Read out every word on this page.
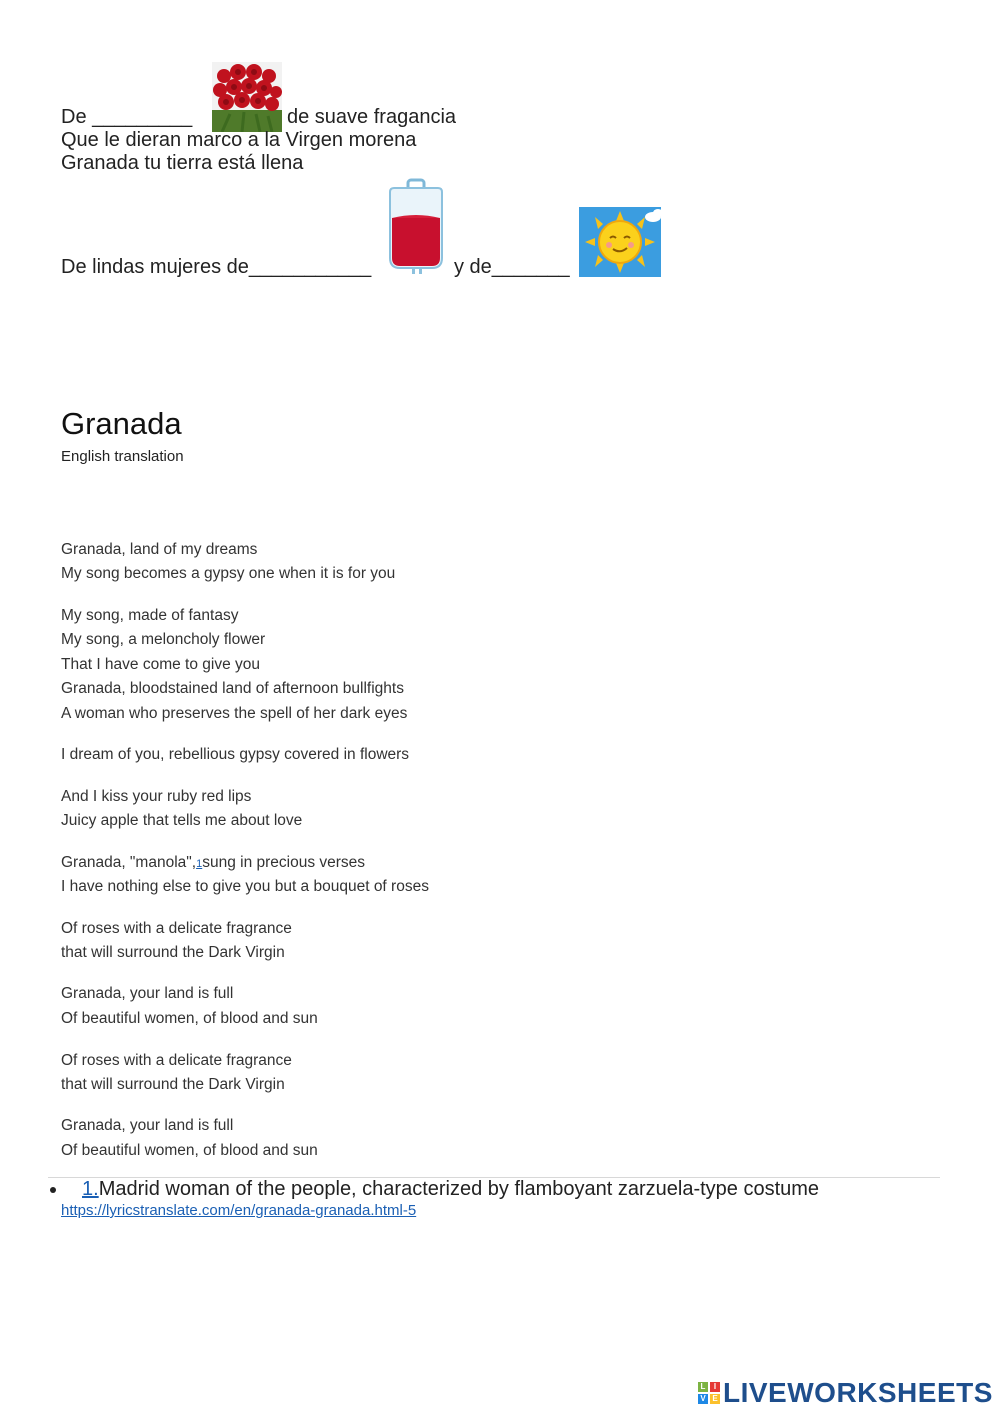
De _________	de suave fragancia
Que le dieran marco a la Virgen morena
Granada tu tierra está llena
De lindas mujeres de___________	y de_______
Granada
English translation
Granada, land of my dreams
My song becomes a gypsy one when it is for you
My song, made of fantasy
My song, a meloncholy flower
That I have come to give you
Granada, bloodstained land of afternoon bullfights
A woman who preserves the spell of her dark eyes
I dream of you, rebellious gypsy covered in flowers
And I kiss your ruby red lips
Juicy apple that tells me about love
Granada, "manola",1sung in precious verses
I have nothing else to give you but a bouquet of roses
Of roses with a delicate fragrance
that will surround the Dark Virgin
Granada, your land is full
Of beautiful women, of blood and sun
Of roses with a delicate fragrance
that will surround the Dark Virgin
Granada, your land is full
Of beautiful women, of blood and sun
1.Madrid woman of the people, characterized by flamboyant zarzuela-type costume
https://lyricstranslate.com/en/granada-granada.html-5
L	I
V E LIVEWORKSHEETS
